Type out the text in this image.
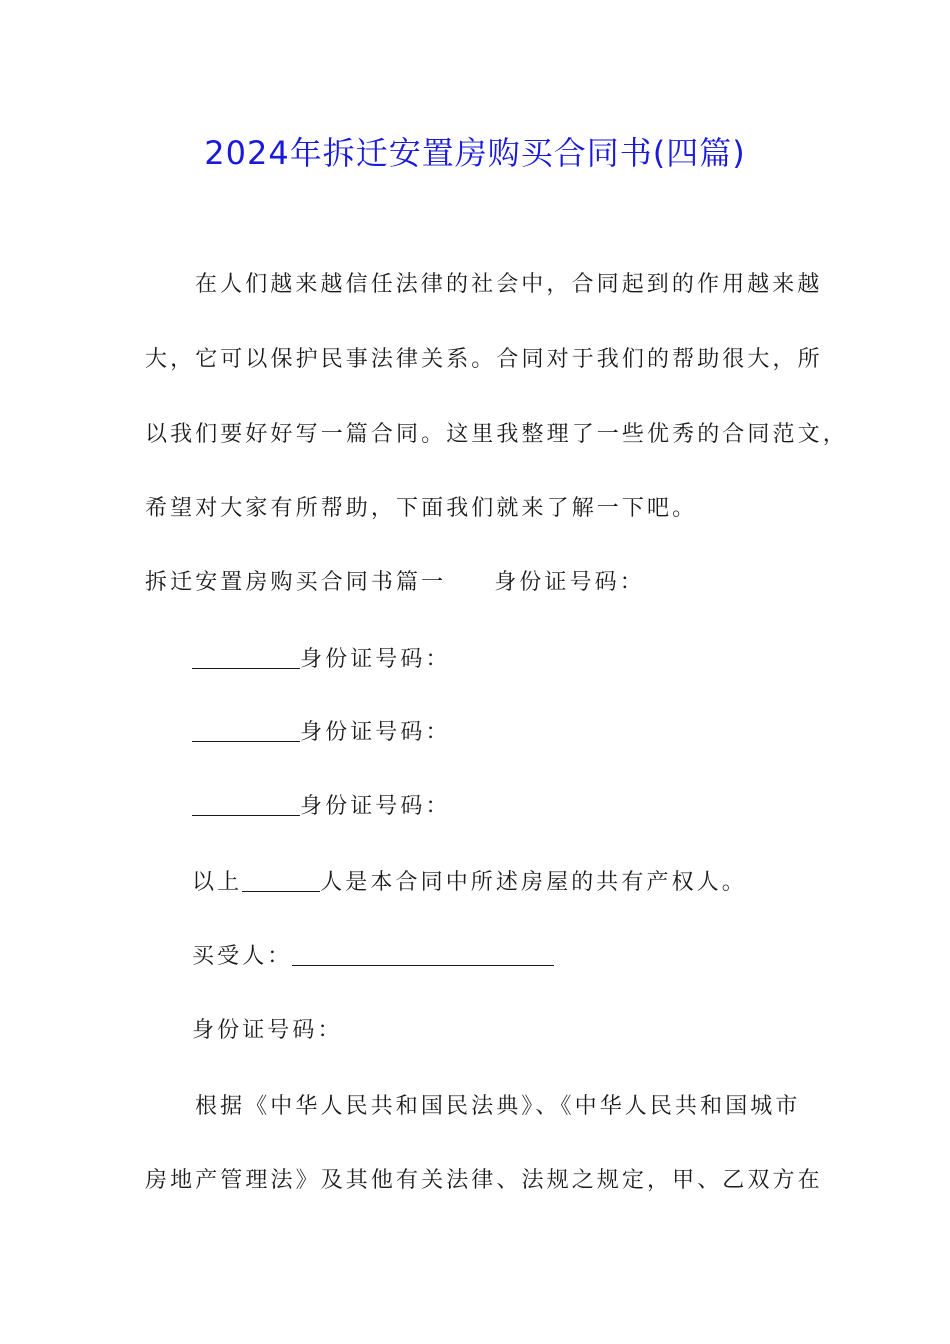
2024年拆迁安置房购买合同书(四篇)
在人们越来越信任法律的社会中，合同起到的作用越来越
大，它可以保护民事法律关系。合同对于我们的帮助很大，所
以我们要好好写一篇合同。这里我整理了一些优秀的合同范文，
希望对大家有所帮助，下面我们就来了解一下吧。
拆迁安置房购买合同书篇一 身份证号码：
身份证号码：
身份证号码：
身份证号码：
以上	人是本合同中所述房屋的共有产权人。
买受人：
身份证号码：
根据《中华人民共和国民法典》、《中华人民共和国城市
房地产管理法》及其他有关法律、法规之规定，甲、乙双方在
